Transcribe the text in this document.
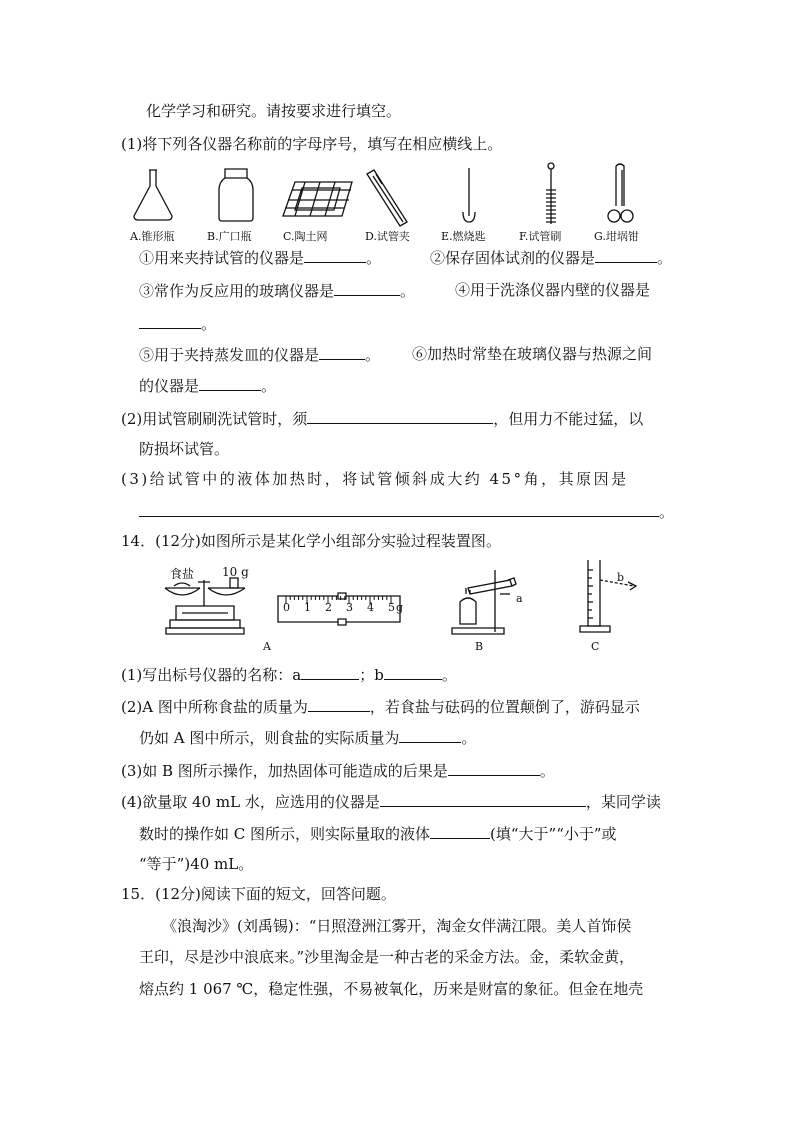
化学学习和研究。请按要求进行填空。
(1)将下列各仪器名称前的字母序号，填写在相应横线上。
A.锥形瓶	B.广口瓶	C.陶土网	D.试管夹	E.燃烧匙	F.试管刷	G.坩埚钳
①用来夹持试管的仪器是	。	②保存固体试剂的仪器是	。
③常作为反应用的玻璃仪器是	。	④用于洗涤仪器内壁的仪器是
。
⑤用于夹持蒸发皿的仪器是	。 ⑥加热时常垫在玻璃仪器与热源之间
的仪器是	。
(2)用试管刷刷洗试管时，须	，但用力不能过猛，以
防损坏试管。
(3)给试管中的液体加热时，将试管倾斜成大约 45°角，其原因是
。
14．(12分)如图所示是某化学小组部分实验过程装置图。
食盐 10 g
0 1 2 3 4 5 g
A
a
B
b
C
(1)写出标号仪器的名称：a	；b	。
(2)A 图中所称食盐的质量为	，若食盐与砝码的位置颠倒了，游码显示
仍如 A 图中所示，则食盐的实际质量为	。
(3)如 B 图所示操作，加热固体可能造成的后果是	。
(4)欲量取 40 mL 水，应选用的仪器是	，某同学读
数时的操作如 C 图所示，则实际量取的液体	(填“大于”“小于”或
“等于”)40 mL。
15．(12分)阅读下面的短文，回答问题。
《浪淘沙》(刘禹锡)：“日照澄洲江雾开，淘金女伴满江隈。美人首饰侯
王印，尽是沙中浪底来。”沙里淘金是一种古老的采金方法。金，柔软金黄，
熔点约 1 067 ℃，稳定性强，不易被氧化，历来是财富的象征。但金在地壳
